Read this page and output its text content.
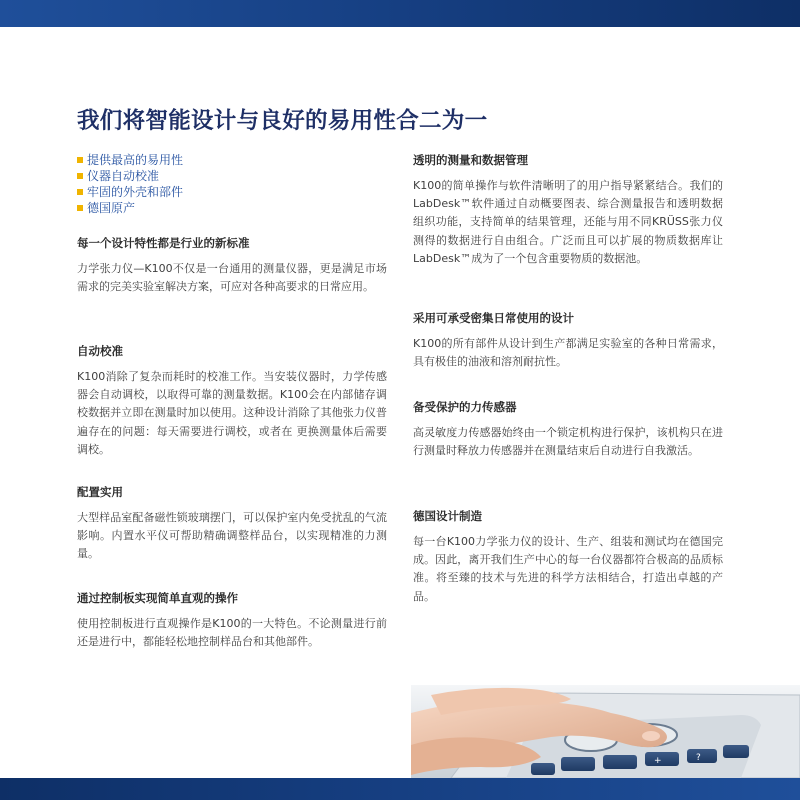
我们将智能设计与良好的易用性合二为一
提供最高的易用性
仪器自动校准
牢固的外壳和部件
德国原产
每一个设计特性都是行业的新标准

力学张力仪—K100不仅是一台通用的测量仪器，更是满足市场需求的完美实验室解决方案，可应对各种高要求的日常应用。

自动校准

K100消除了复杂而耗时的校准工作。当安装仪器时，力学传感器会自动调校，以取得可靠的测量数据。K100会在内部储存调校数据并立即在测量时加以使用。这种设计消除了其他张力仪普遍存在的问题：每天需要进行调校，或者在 更换测量体后需要调校。

配置实用

大型样品室配备磁性锁玻璃摆门，可以保护室内免受扰乱的气流影响。内置水平仪可帮助精确调整样品台，以实现精准的力测量。

通过控制板实现简单直观的操作

使用控制板进行直观操作是K100的一大特色。不论测量进行前还是进行中，都能轻松地控制样品台和其他部件。

透明的测量和数据管理

K100的简单操作与软件清晰明了的用户指导紧紧结合。我们的LabDesk™软件通过自动概要图表、综合测量报告和透明数据组织功能，支持简单的结果管理，还能与用不同KRÜSS张力仪测得的数据进行自由组合。广泛而且可以扩展的物质数据库让LabDesk™成为了一个包含重要物质的数据池。

采用可承受密集日常使用的设计

K100的所有部件从设计到生产都满足实验室的各种日常需求，具有极佳的油液和溶剂耐抗性。

备受保护的力传感器

高灵敏度力传感器始终由一个锁定机构进行保护，该机构只在进行测量时释放力传感器并在测量结束后自动进行自我激活。

德国设计制造

每一台K100力学张力仪的设计、生产、组装和测试均在德国完成。因此，离开我们生产中心的每一台仪器都符合极高的品质标准。将至臻的技术与先进的科学方法相结合，打造出卓越的产品。

+	?
